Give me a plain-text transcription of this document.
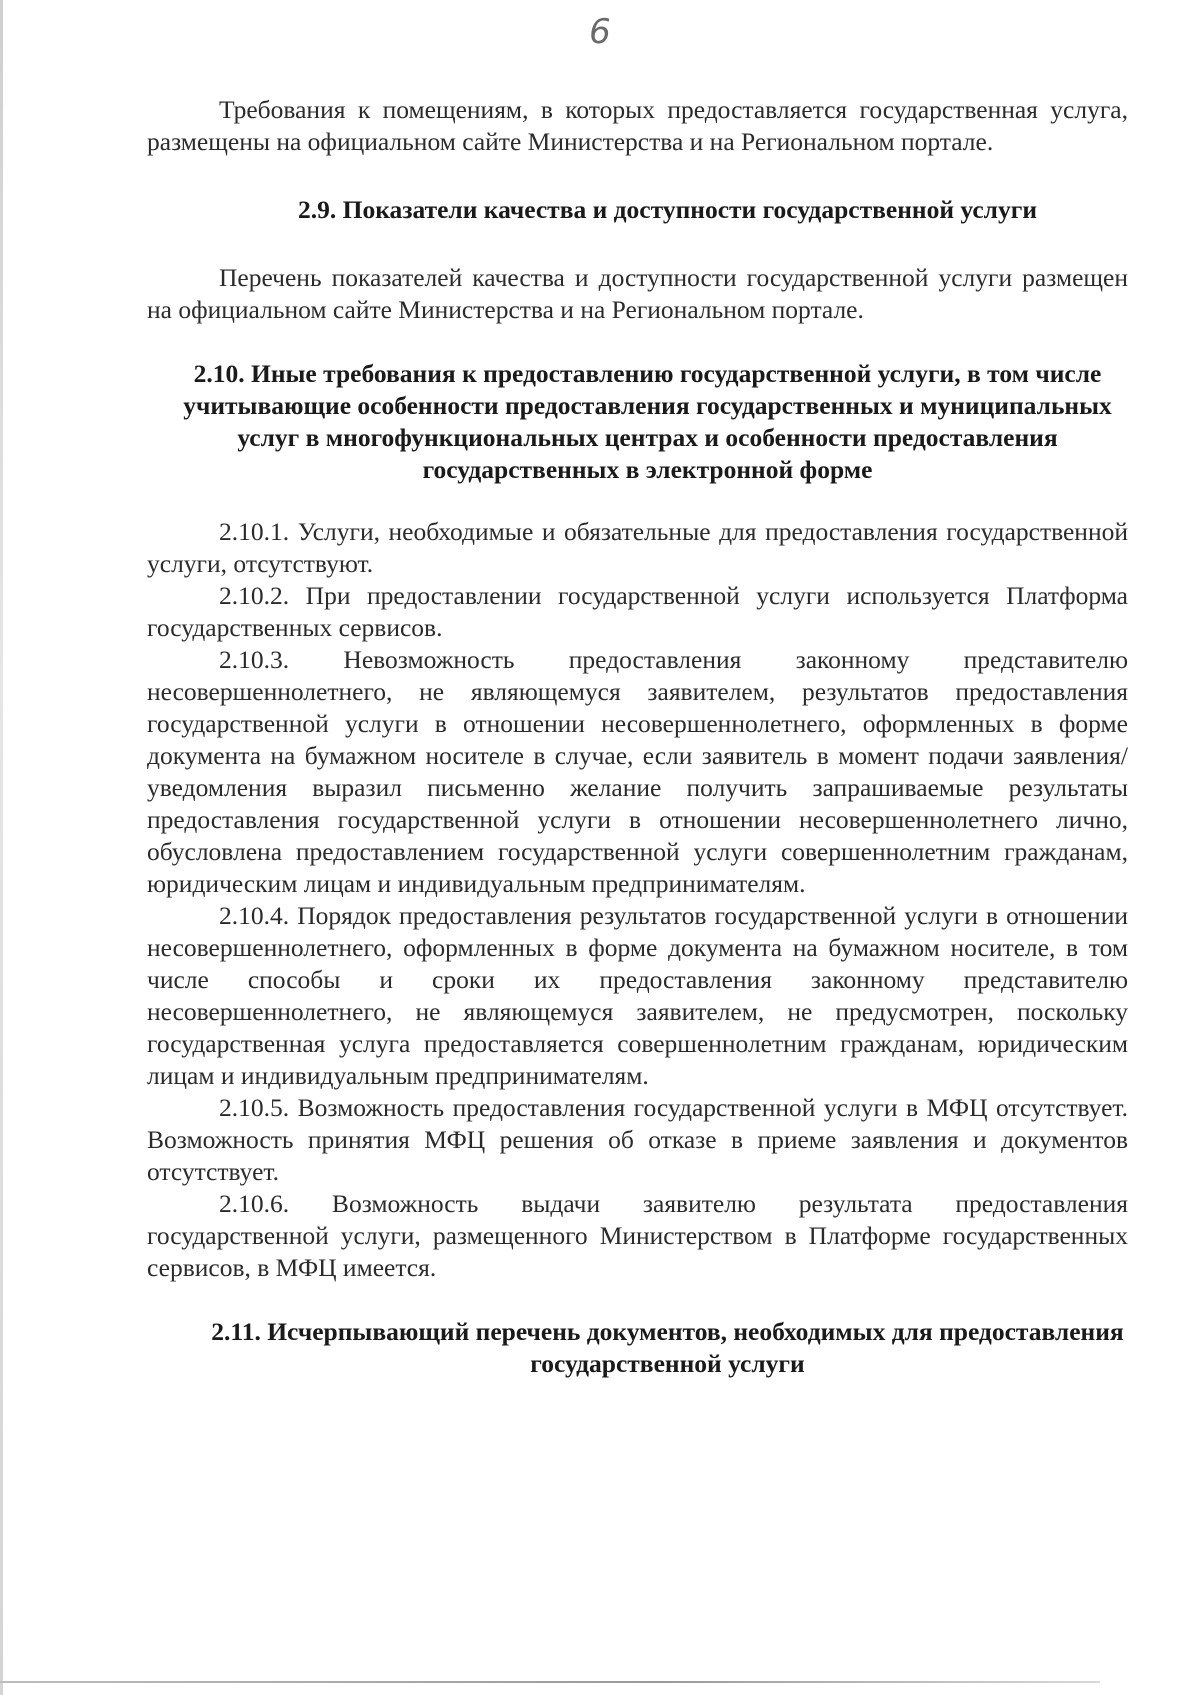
6

Требования к помещениям, в которых предоставляется государственная услуга, размещены на официальном сайте Министерства и на Региональном портале.

2.9. Показатели качества и доступности государственной услуги

Перечень показателей качества и доступности государственной услуги размещен на официальном сайте Министерства и на Региональном портале.

2.10. Иные требования к предоставлению государственной услуги, в том числе учитывающие особенности предоставления государственных и муниципальных услуг в многофункциональных центрах и особенности предоставления государственных в электронной форме

2.10.1. Услуги, необходимые и обязательные для предоставления государственной услуги, отсутствуют.

2.10.2. При предоставлении государственной услуги используется Платформа государственных сервисов.

2.10.3. Невозможность предоставления законному представителю несовершеннолетнего, не являющемуся заявителем, результатов предоставления государственной услуги в отношении несовершеннолетнего, оформленных в форме документа на бумажном носителе в случае, если заявитель в момент подачи заявления/уведомления выразил письменно желание получить запрашиваемые результаты предоставления государственной услуги в отношении несовершеннолетнего лично, обусловлена предоставлением государственной услуги совершеннолетним гражданам, юридическим лицам и индивидуальным предпринимателям.

2.10.4. Порядок предоставления результатов государственной услуги в отношении несовершеннолетнего, оформленных в форме документа на бумажном носителе, в том числе способы и сроки их предоставления законному представителю несовершеннолетнего, не являющемуся заявителем, не предусмотрен, поскольку государственная услуга предоставляется совершеннолетним гражданам, юридическим лицам и индивидуальным предпринимателям.

2.10.5. Возможность предоставления государственной услуги в МФЦ отсутствует. Возможность принятия МФЦ решения об отказе в приеме заявления и документов отсутствует.

2.10.6. Возможность выдачи заявителю результата предоставления государственной услуги, размещенного Министерством в Платформе государственных сервисов, в МФЦ имеется.

2.11. Исчерпывающий перечень документов, необходимых для предоставления государственной услуги
